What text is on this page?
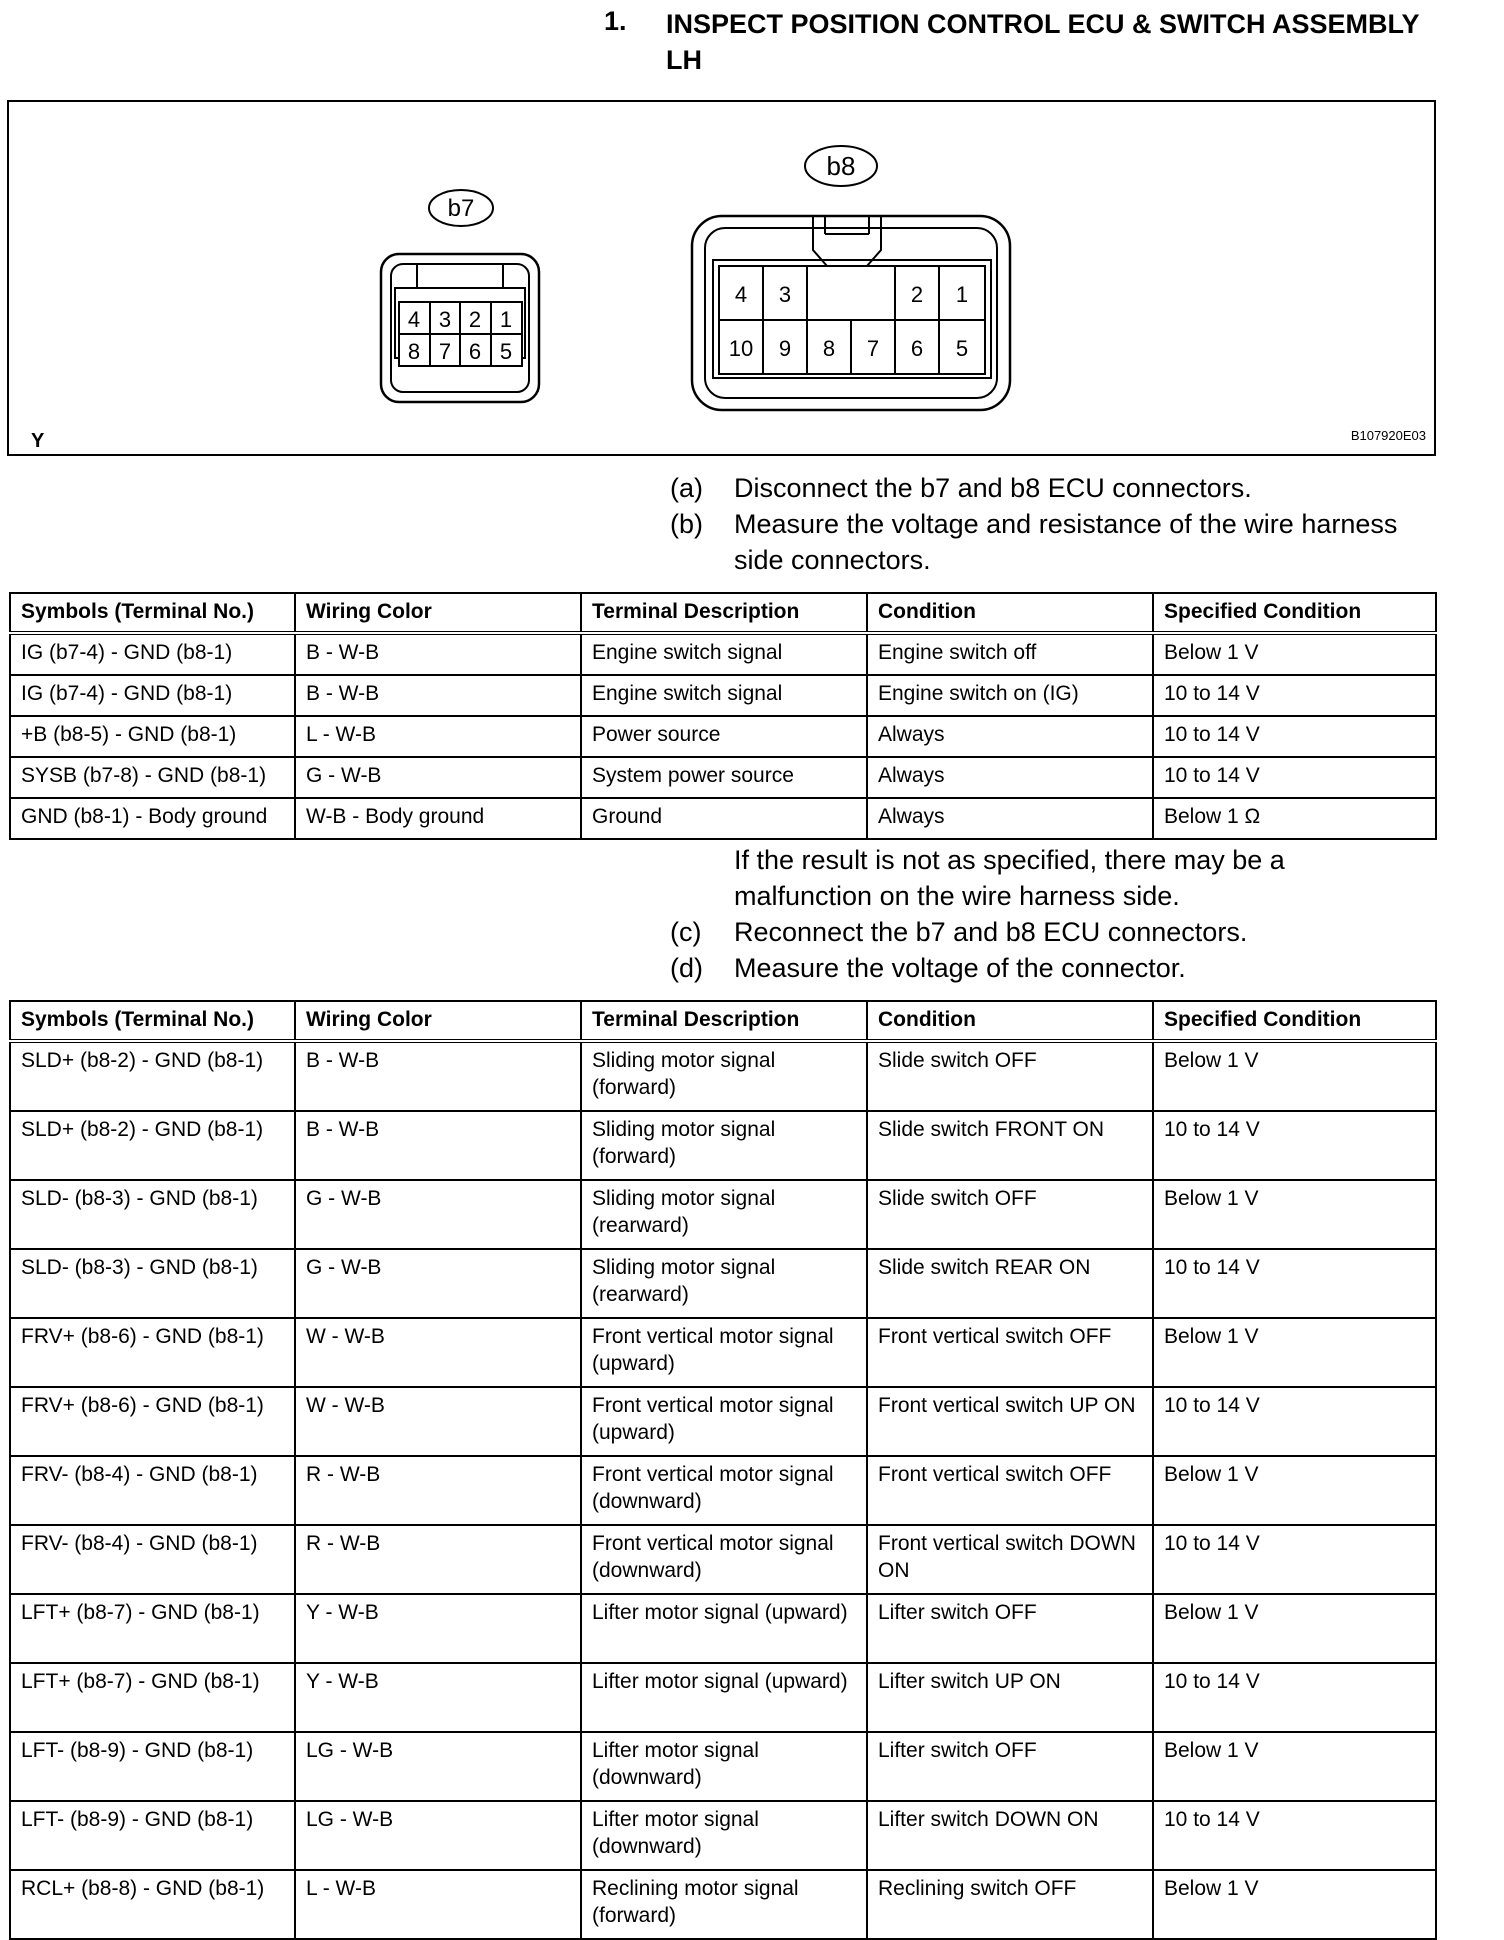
1. INSPECT POSITION CONTROL ECU & SWITCH ASSEMBLY LH
b7
4 3 2 1
8 7 6 5
b8
4 3	2 1
10 9 8 7 6 5
Y	B107920E03
(a)	Disconnect the b7 and b8 ECU connectors.
(b)	Measure the voltage and resistance of the wire harness side connectors.
Symbols (Terminal No.)	Wiring Color	Terminal Description	Condition	Specified Condition
IG (b7-4) - GND (b8-1)	B - W-B	Engine switch signal	Engine switch off	Below 1 V
IG (b7-4) - GND (b8-1)	B - W-B	Engine switch signal	Engine switch on (IG)	10 to 14 V
+B (b8-5) - GND (b8-1)	L - W-B	Power source	Always	10 to 14 V
SYSB (b7-8) - GND (b8-1)	G - W-B	System power source	Always	10 to 14 V
GND (b8-1) - Body ground	W-B - Body ground	Ground	Always	Below 1 Ω
If the result is not as specified, there may be a malfunction on the wire harness side.
(c)	Reconnect the b7 and b8 ECU connectors.
(d)	Measure the voltage of the connector.
Symbols (Terminal No.)	Wiring Color	Terminal Description	Condition	Specified Condition
SLD+ (b8-2) - GND (b8-1)	B - W-B	Sliding motor signal (forward)	Slide switch OFF	Below 1 V
SLD+ (b8-2) - GND (b8-1)	B - W-B	Sliding motor signal (forward)	Slide switch FRONT ON	10 to 14 V
SLD- (b8-3) - GND (b8-1)	G - W-B	Sliding motor signal (rearward)	Slide switch OFF	Below 1 V
SLD- (b8-3) - GND (b8-1)	G - W-B	Sliding motor signal (rearward)	Slide switch REAR ON	10 to 14 V
FRV+ (b8-6) - GND (b8-1)	W - W-B	Front vertical motor signal (upward)	Front vertical switch OFF	Below 1 V
FRV+ (b8-6) - GND (b8-1)	W - W-B	Front vertical motor signal (upward)	Front vertical switch UP ON	10 to 14 V
FRV- (b8-4) - GND (b8-1)	R - W-B	Front vertical motor signal (downward)	Front vertical switch OFF	Below 1 V
FRV- (b8-4) - GND (b8-1)	R - W-B	Front vertical motor signal (downward)	Front vertical switch DOWN ON	10 to 14 V
LFT+ (b8-7) - GND (b8-1)	Y - W-B	Lifter motor signal (upward)	Lifter switch OFF	Below 1 V
LFT+ (b8-7) - GND (b8-1)	Y - W-B	Lifter motor signal (upward)	Lifter switch UP ON	10 to 14 V
LFT- (b8-9) - GND (b8-1)	LG - W-B	Lifter motor signal (downward)	Lifter switch OFF	Below 1 V
LFT- (b8-9) - GND (b8-1)	LG - W-B	Lifter motor signal (downward)	Lifter switch DOWN ON	10 to 14 V
RCL+ (b8-8) - GND (b8-1)	L - W-B	Reclining motor signal (forward)	Reclining switch OFF	Below 1 V
